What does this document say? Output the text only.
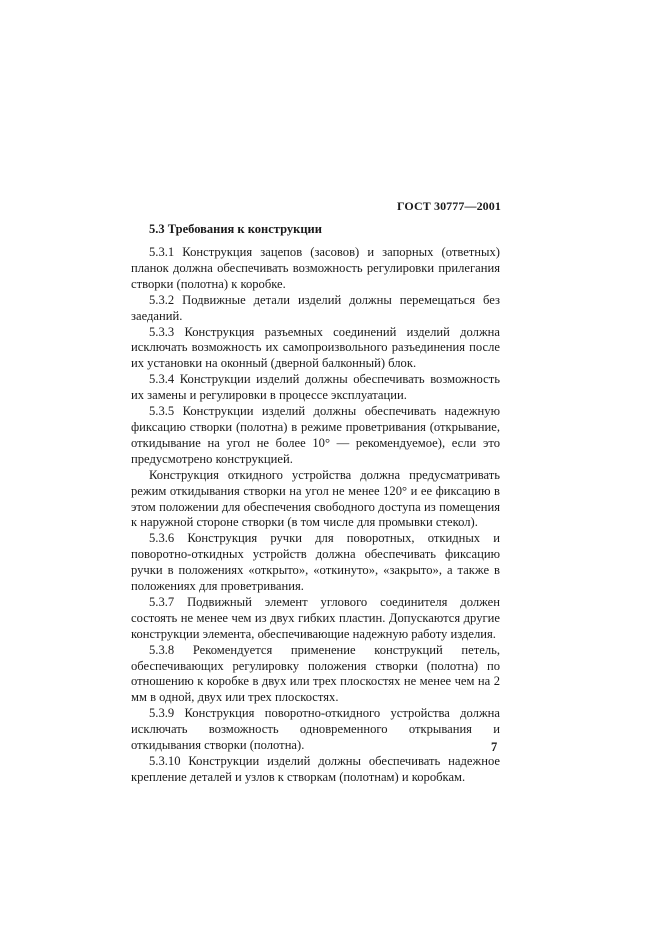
ГОСТ 30777—2001
5.3 Требования к конструкции

5.3.1 Конструкция зацепов (засовов) и запорных (ответных) планок должна обеспечивать возможность регулировки прилегания створки (полотна) к коробке.

5.3.2 Подвижные детали изделий должны перемещаться без заеданий.

5.3.3 Конструкция разъемных соединений изделий должна исключать возможность их самопроизвольного разъединения после их установки на оконный (дверной балконный) блок.

5.3.4 Конструкции изделий должны обеспечивать возможность их замены и регулировки в процессе эксплуатации.

5.3.5 Конструкции изделий должны обеспечивать надежную фиксацию створки (полотна) в режиме проветривания (открывание, откидывание на угол не более 10° — рекомендуемое), если это предусмотрено конструкцией.

Конструкция откидного устройства должна предусматривать режим откидывания створки на угол не менее 120° и ее фиксацию в этом положении для обеспечения свободного доступа из помещения к наружной стороне створки (в том числе для промывки стекол).

5.3.6 Конструкция ручки для поворотных, откидных и поворотно-откидных устройств должна обеспечивать фиксацию ручки в положениях «открыто», «откинуто», «закрыто», а также в положениях для проветривания.

5.3.7 Подвижный элемент углового соединителя должен состоять не менее чем из двух гибких пластин. Допускаются другие конструкции элемента, обеспечивающие надежную работу изделия.

5.3.8 Рекомендуется применение конструкций петель, обеспечивающих регулировку положения створки (полотна) по отношению к коробке в двух или трех плоскостях не менее чем на 2 мм в одной, двух или трех плоскостях.

5.3.9 Конструкция поворотно-откидного устройства должна исключать возможность одновременного открывания и откидывания створки (полотна).

5.3.10 Конструкции изделий должны обеспечивать надежное крепление деталей и узлов к створкам (полотнам) и коробкам.

7
